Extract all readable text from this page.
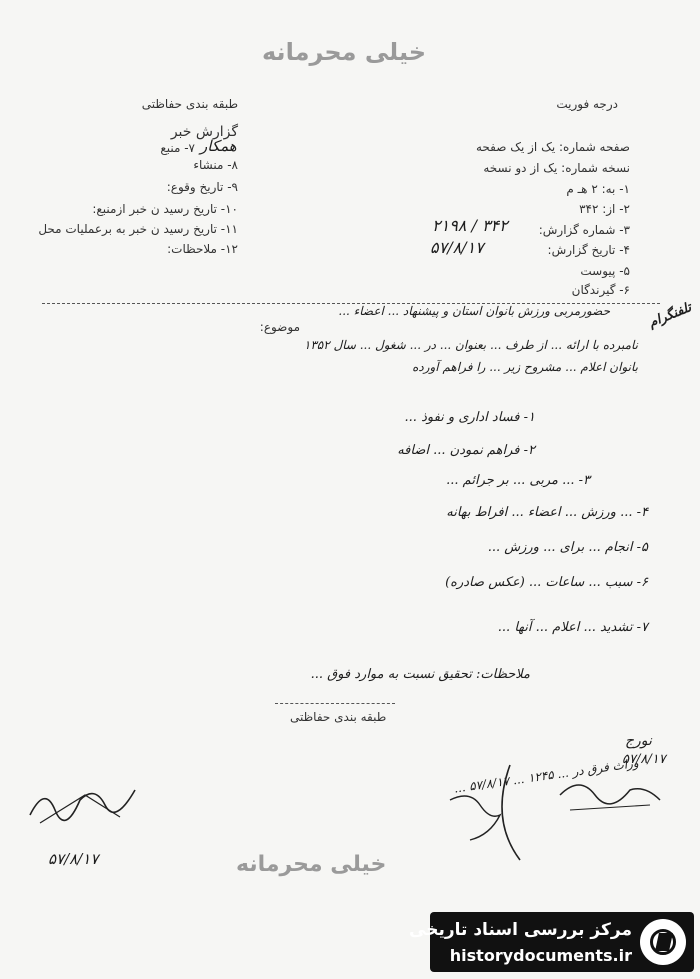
خیلی محرمانه
طبقه بندی حفاظتی
گزارش خبر
۷- منبع همکار
۸- منشاء
۹- تاریخ وقوع:
۱۰- تاریخ رسید ن خبر ازمنبع:
۱۱- تاریخ رسید ن خبر به برعملیات محل
۱۲- ملاحظات:
درجه فوریت
صفحه شماره: یک از یک صفحه
نسخه شماره: یک از دو نسخه
۱- به: ۲ هـ م
۲- از: ۳۴۲
۳- شماره گزارش:
۲۱۹۸ / ۳۴۲
۴- تاریخ گزارش:
۵۷/۸/۱۷
۵- پیوست
۶- گیرندگان
تلفنگرام
موضوع:
حضورمربی ورزش بانوان استان و پیشنهاد ... اعضاء ...
نامبرده با ارائه ... از طرف ... بعنوان ... در ... شغول ... سال ۱۳۵۲
بانوان اعلام ... مشروح زیر ... را فراهم آورده
۱- فساد اداری و نفوذ ...
۲- فراهم نمودن ... اضافه
۳- ... مربی ... بر جرائم ...
۴- ... ورزش ... اعضاء ... افراط بهانه
۵- انجام ... برای ... ورزش ...
۶- سبب ... ساعات ... (عکس صادره)
۷- تشدید ... اعلام ... آنها ...
ملاحظات: تحقیق نسبت به موارد فوق ...
طبقه بندی حفاظتی
نورج
۵۷/۸/۱۷
وراث فرق در ... ۱۲۴۵ ... ۵۷/۸/۱۷ ...
۵۷/۸/۱۷	خیلی محرمانه
مرکز بررسی اسناد تاریخی
historydocuments.ir
